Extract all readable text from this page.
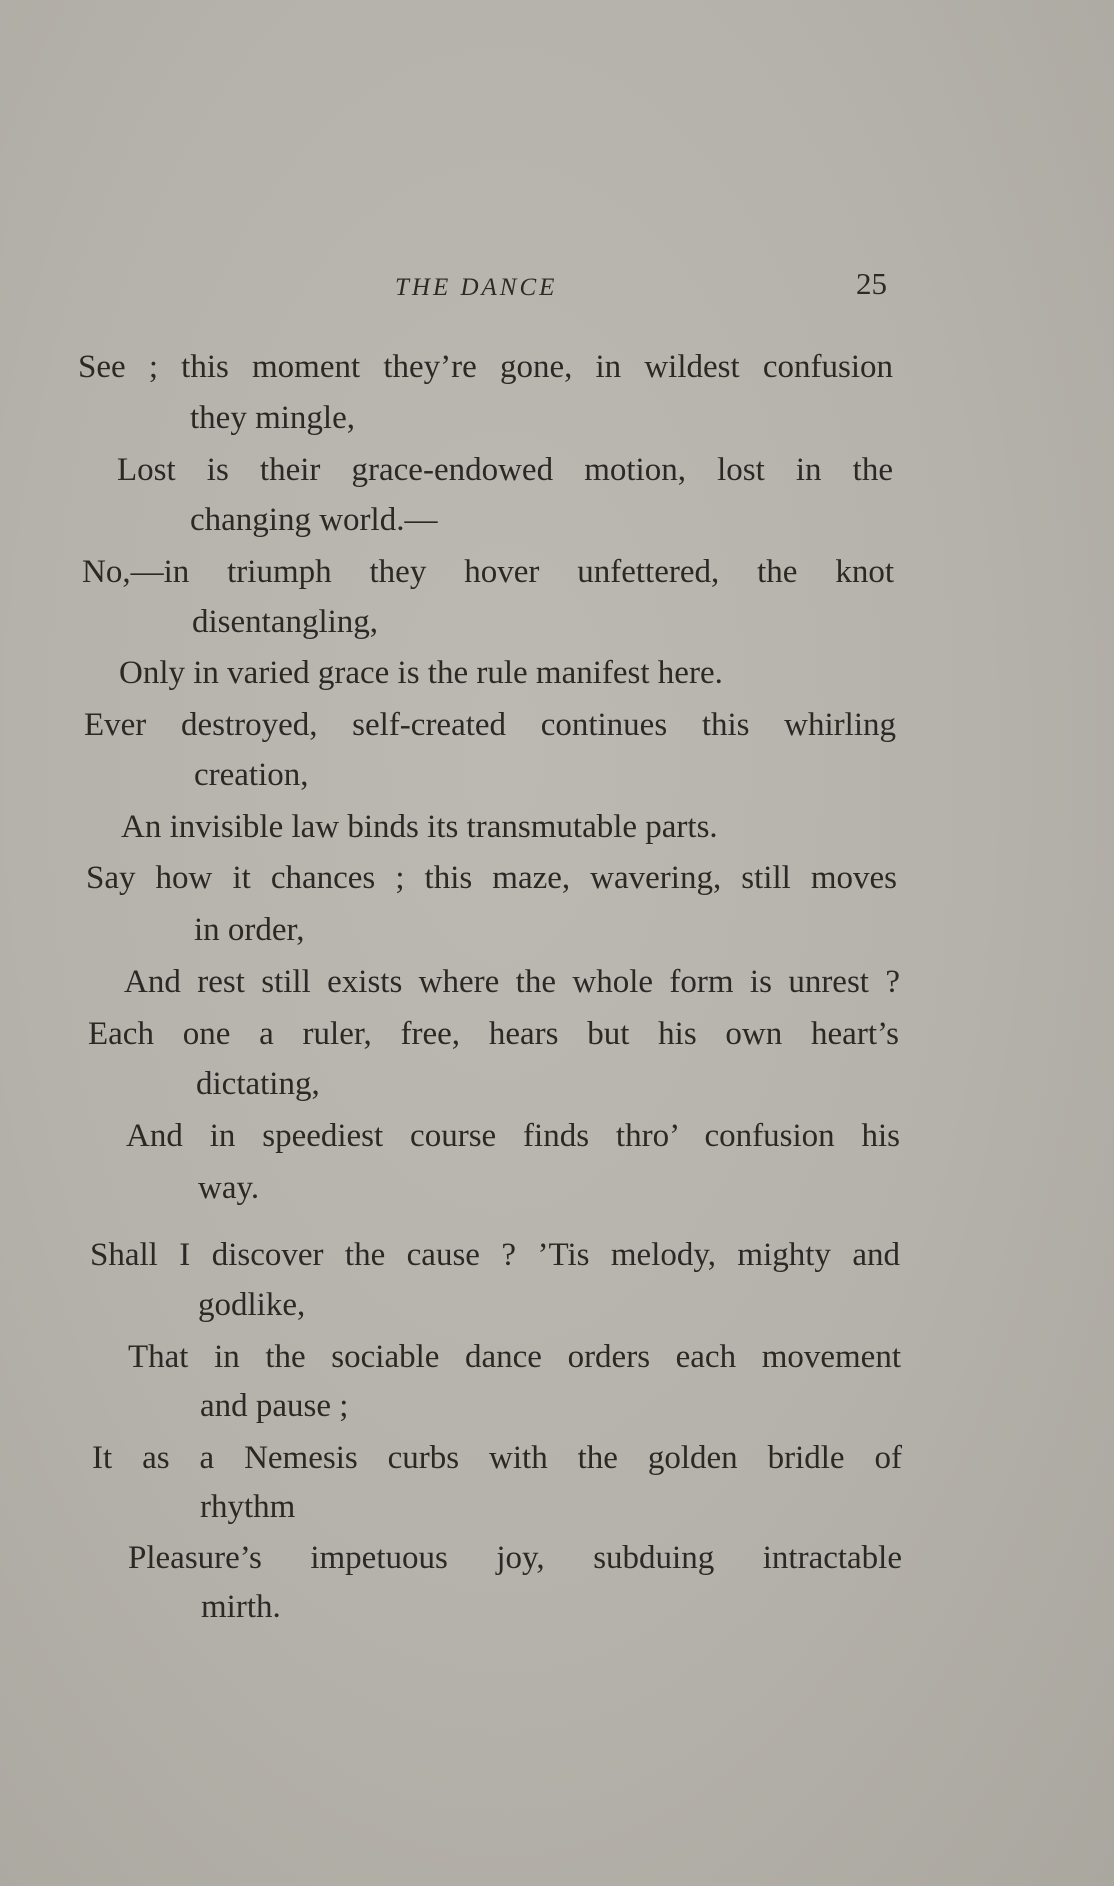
THE DANCE	25
See ; this moment they’re gone, in wildest confusion
they mingle,
Lost is their grace-endowed motion, lost in the
changing world.—
No,—in triumph they hover unfettered, the knot
disentangling,
Only in varied grace is the rule manifest here.
Ever destroyed, self-created continues this whirling
creation,
An invisible law binds its transmutable parts.
Say how it chances ; this maze, wavering, still moves
in order,
And rest still exists where the whole form is unrest ?
Each one a ruler, free, hears but his own heart’s
dictating,
And in speediest course finds thro’ confusion his
way.
Shall I discover the cause ? ’Tis melody, mighty and
godlike,
That in the sociable dance orders each movement
and pause ;
It as a Nemesis curbs with the golden bridle of
rhythm
Pleasure’s impetuous joy, subduing intractable
mirth.
